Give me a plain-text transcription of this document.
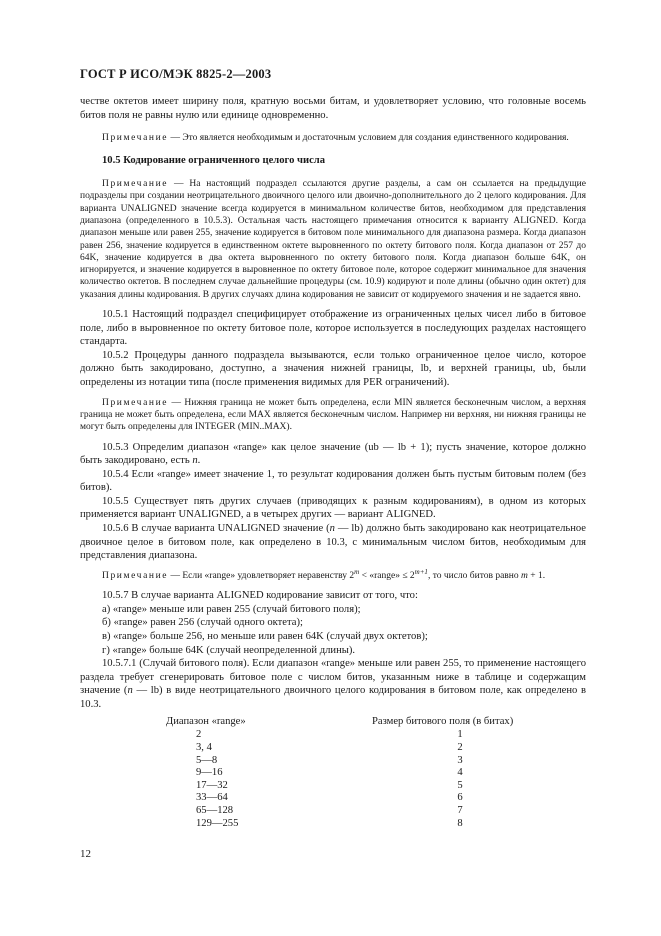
ГОСТ Р ИСО/МЭК 8825-2—2003

честве октетов имеет ширину поля, кратную восьми битам, и удовлетворяет условию, что головные восемь битов поля не равны нулю или единице одновременно.

Примечание — Это является необходимым и достаточным условием для создания единственного кодирования.

10.5 Кодирование ограниченного целого числа

Примечание — На настоящий подраздел ссылаются другие разделы, а сам он ссылается на предыдущие подразделы при создании неотрицательного двоичного целого или двоично-дополнительного до 2 целого кодирования. Для варианта UNALIGNED значение всегда кодируется в минимальном количестве битов, необходимом для представления диапазона (определенного в 10.5.3). Остальная часть настоящего примечания относится к варианту ALIGNED. Когда диапазон меньше или равен 255, значение кодируется в битовом поле минимального для диапазона размера. Когда диапазон равен 256, значение кодируется в единственном октете выровненного по октету битового поля. Когда диапазон от 257 до 64K, значение кодируется в два октета выровненного по октету битового поля. Когда диапазон больше 64K, он игнорируется, и значение кодируется в выровненное по октету битовое поле, которое содержит минимальное для значения количество октетов. В последнем случае дальнейшие процедуры (см. 10.9) кодируют и поле длины (обычно один октет) для указания длины кодирования. В других случаях длина кодирования не зависит от кодируемого значения и не задается явно.

10.5.1 Настоящий подраздел специфицирует отображение из ограниченных целых чисел либо в битовое поле, либо в выровненное по октету битовое поле, которое используется в последующих разделах настоящего стандарта.

10.5.2 Процедуры данного подраздела вызываются, если только ограниченное целое число, которое должно быть закодировано, доступно, а значения нижней границы, lb, и верхней границы, ub, были определены из нотации типа (после применения видимых для PER ограничений).

Примечание — Нижняя граница не может быть определена, если MIN является бесконечным числом, а верхняя граница не может быть определена, если MAX является бесконечным числом. Например ни верхняя, ни нижняя границы не могут быть определены для INTEGER (MIN..MAX).

10.5.3 Определим диапазон «range» как целое значение (ub — lb + 1); пусть значение, которое должно быть закодировано, есть n.

10.5.4 Если «range» имеет значение 1, то результат кодирования должен быть пустым битовым полем (без битов).

10.5.5 Существует пять других случаев (приводящих к разным кодированиям), в одном из которых применяется вариант UNALIGNED, а в четырех других — вариант ALIGNED.

10.5.6 В случае варианта UNALIGNED значение (n — lb) должно быть закодировано как неотрицательное двоичное целое в битовом поле, как определено в 10.3, с минимальным числом битов, необходимым для представления диапазона.

Примечание — Если «range» удовлетворяет неравенству $2^m$ < «range» ≤ $2^{m+1}$, то число битов равно m + 1.

10.5.7 В случае варианта ALIGNED кодирование зависит от того, что:

а) «range» меньше или равен 255 (случай битового поля);

б) «range» равен 256 (случай одного октета);

в) «range» больше 256, но меньше или равен 64K (случай двух октетов);

г) «range» больше 64K (случай неопределенной длины).

10.5.7.1 (Случай битового поля). Если диапазон «range» меньше или равен 255, то применение настоящего раздела требует сгенерировать битовое поле с числом битов, указанным ниже в таблице и содержащим значение (n — lb) в виде неотрицательного двоичного целого кодирования в битовом поле, как определено в 10.3.

Диапазон «range»	Размер битового поля (в битах)
2
3, 4
5—8
9—16
17—32
33—64
65—128
129—255
1
2
3
4
5
6
7
8
12
